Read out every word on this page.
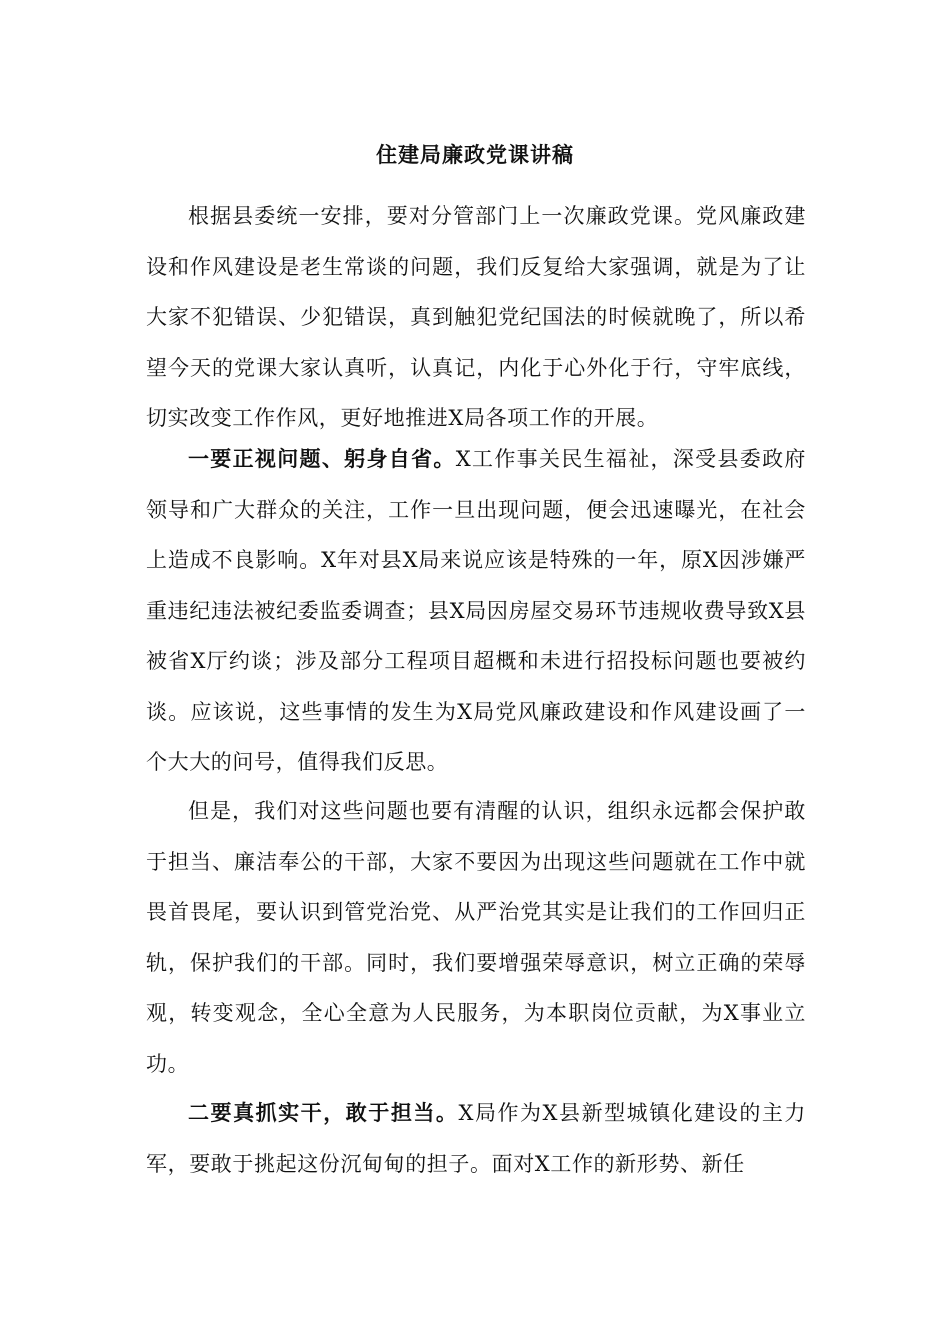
住建局廉政党课讲稿

根据县委统一安排，要对分管部门上一次廉政党课。党风廉政建设和作风建设是老生常谈的问题，我们反复给大家强调，就是为了让大家不犯错误、少犯错误，真到触犯党纪国法的时候就晚了，所以希望今天的党课大家认真听，认真记，内化于心外化于行，守牢底线，切实改变工作作风，更好地推进X局各项工作的开展。

一要正视问题、躬身自省。X工作事关民生福祉，深受县委政府领导和广大群众的关注，工作一旦出现问题，便会迅速曝光，在社会上造成不良影响。X年对县X局来说应该是特殊的一年，原X因涉嫌严重违纪违法被纪委监委调查；县X局因房屋交易环节违规收费导致X县被省X厅约谈；涉及部分工程项目超概和未进行招投标问题也要被约谈。应该说，这些事情的发生为X局党风廉政建设和作风建设画了一个大大的问号，值得我们反思。

但是，我们对这些问题也要有清醒的认识，组织永远都会保护敢于担当、廉洁奉公的干部，大家不要因为出现这些问题就在工作中就畏首畏尾，要认识到管党治党、从严治党其实是让我们的工作回归正轨，保护我们的干部。同时，我们要增强荣辱意识，树立正确的荣辱观，转变观念，全心全意为人民服务，为本职岗位贡献，为X事业立功。

二要真抓实干，敢于担当。X局作为X县新型城镇化建设的主力军，要敢于挑起这份沉甸甸的担子。面对X工作的新形势、新任
